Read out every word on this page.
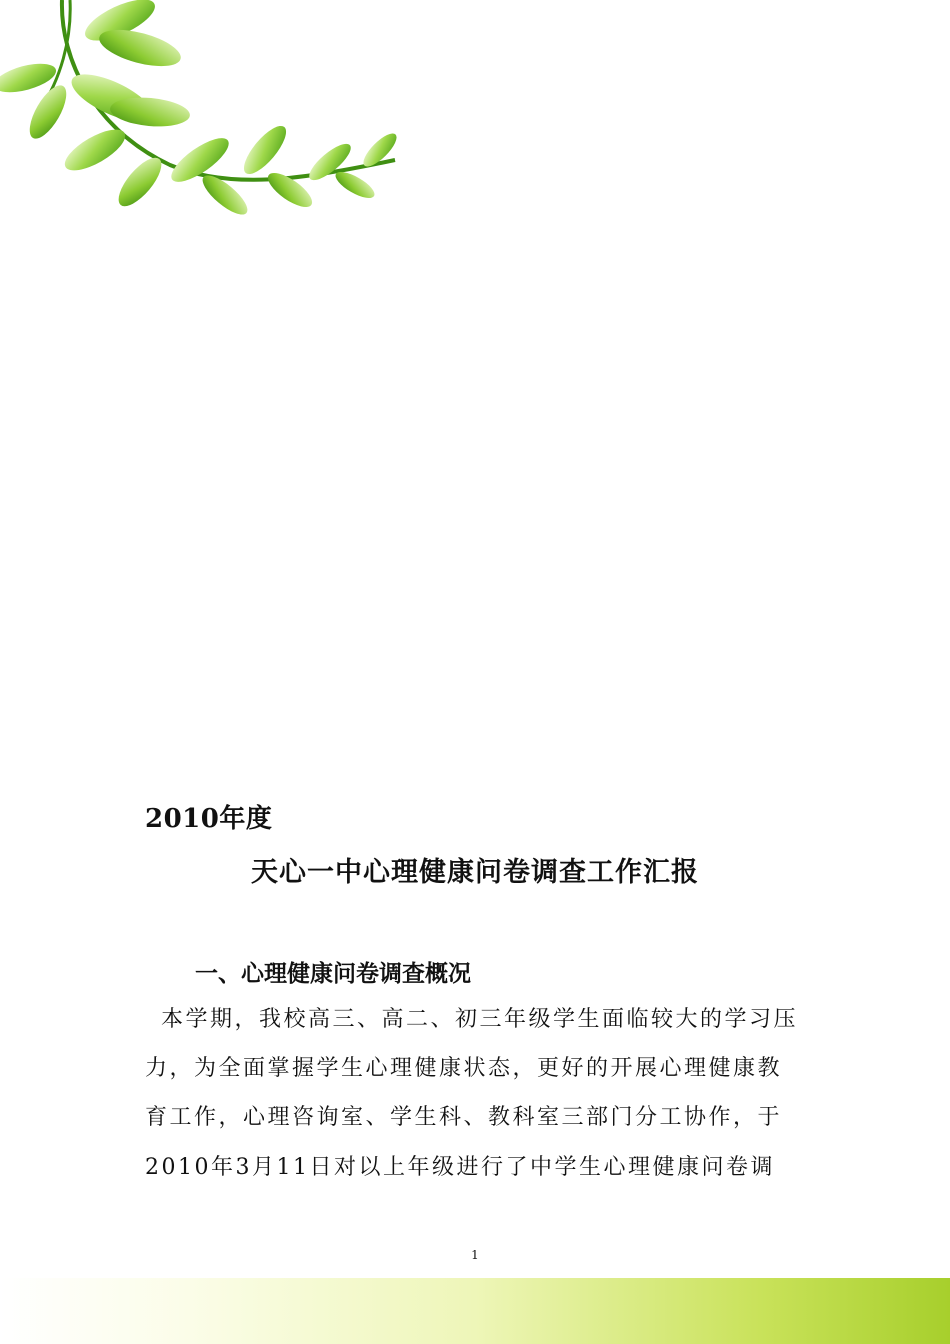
2010年度
天心一中心理健康问卷调查工作汇报
一、心理健康问卷调查概况
本学期，我校高三、高二、初三年级学生面临较大的学习压
力，为全面掌握学生心理健康状态，更好的开展心理健康教
育工作，心理咨询室、学生科、教科室三部门分工协作，于
2010年3月11日对以上年级进行了中学生心理健康问卷调
1
